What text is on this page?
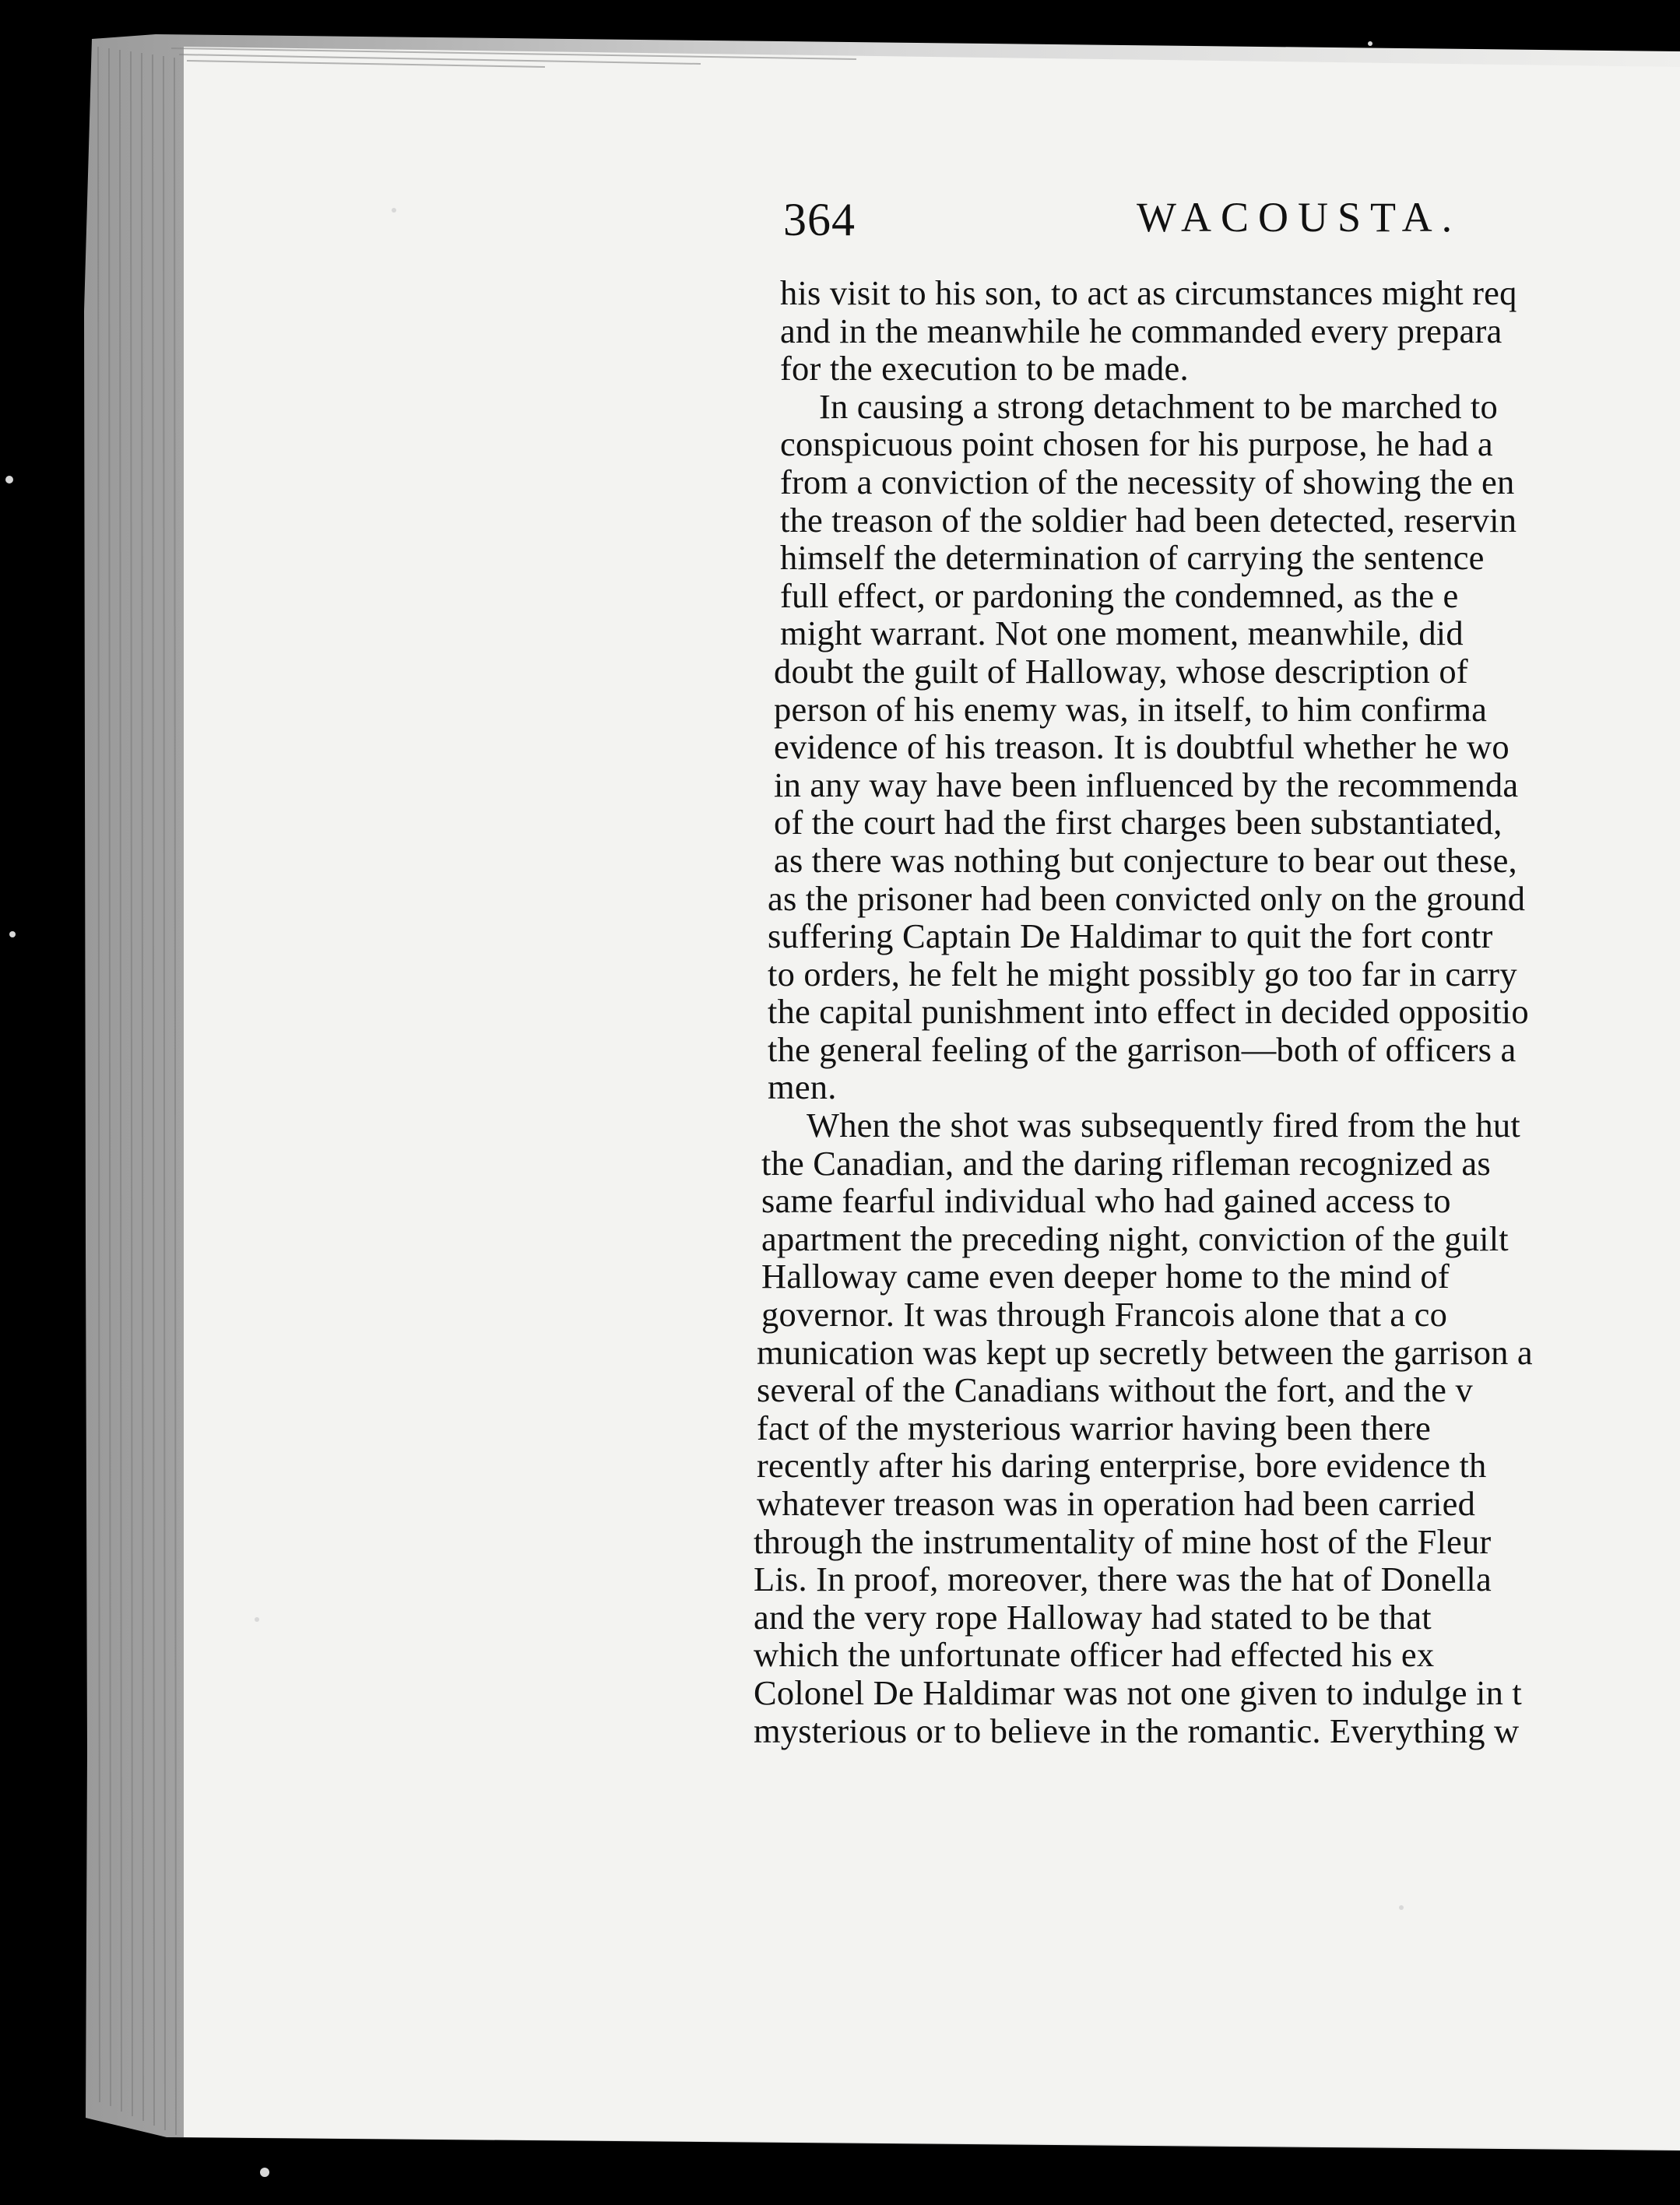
364	WACOUSTA.
his visit to his son, to act as circumstances might req
and in the meanwhile he commanded every prepara
for the execution to be made.
In causing a strong detachment to be marched to
conspicuous point chosen for his purpose, he had a
from a conviction of the necessity of showing the en
the treason of the soldier had been detected, reservin
himself the determination of carrying the sentence
full effect, or pardoning the condemned, as the e
might warrant. Not one moment, meanwhile, did
doubt the guilt of Halloway, whose description of
person of his enemy was, in itself, to him confirma
evidence of his treason. It is doubtful whether he wo
in any way have been influenced by the recommenda
of the court had the first charges been substantiated,
as there was nothing but conjecture to bear out these,
as the prisoner had been convicted only on the ground
suffering Captain De Haldimar to quit the fort contr
to orders, he felt he might possibly go too far in carry
the capital punishment into effect in decided oppositio
the general feeling of the garrison—both of officers a
men.
When the shot was subsequently fired from the hut
the Canadian, and the daring rifleman recognized as
same fearful individual who had gained access to
apartment the preceding night, conviction of the guilt
Halloway came even deeper home to the mind of
governor. It was through Francois alone that a co
munication was kept up secretly between the garrison a
several of the Canadians without the fort, and the v
fact of the mysterious warrior having been there
recently after his daring enterprise, bore evidence th
whatever treason was in operation had been carried
through the instrumentality of mine host of the Fleur
Lis. In proof, moreover, there was the hat of Donella
and the very rope Halloway had stated to be that
which the unfortunate officer had effected his ex
Colonel De Haldimar was not one given to indulge in t
mysterious or to believe in the romantic. Everything w
